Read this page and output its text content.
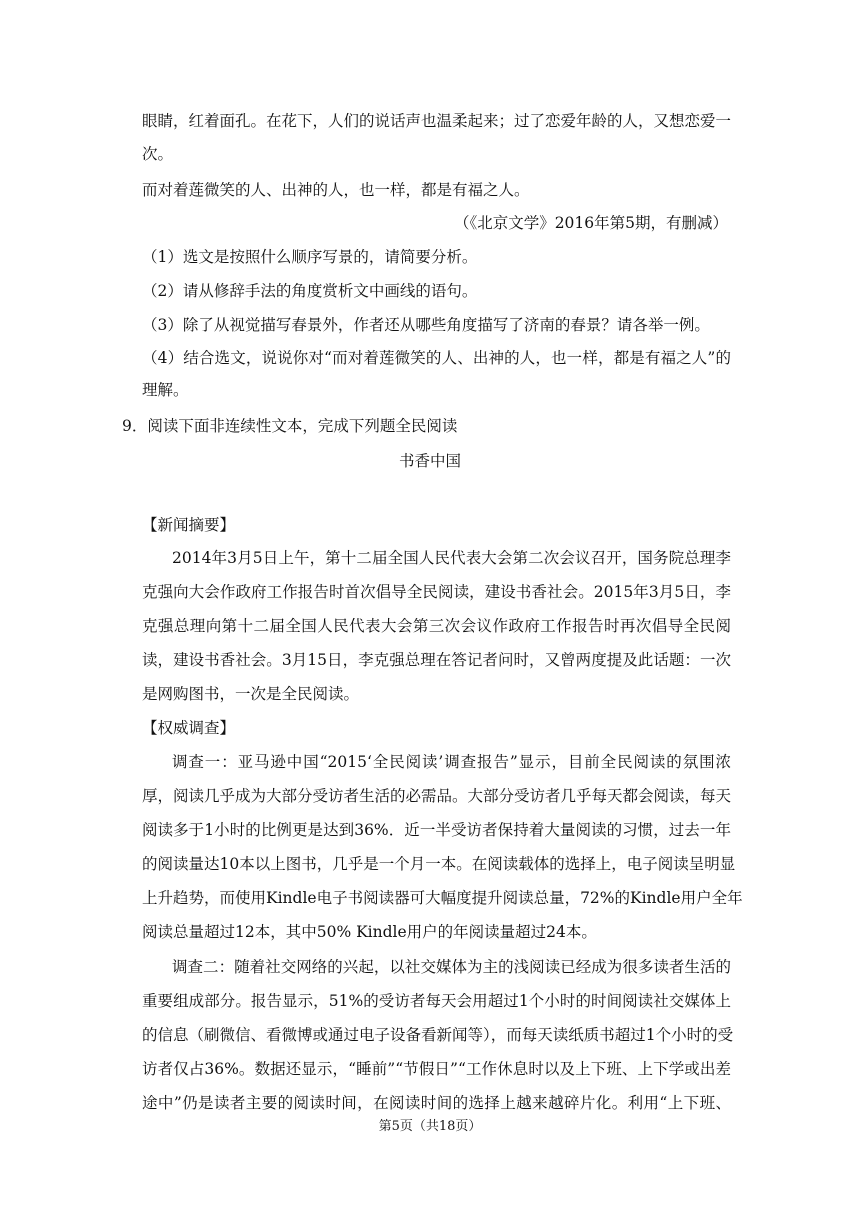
眼睛，红着面孔。在花下，人们的说话声也温柔起来；过了恋爱年龄的人，又想恋爱一
次。
而对着莲微笑的人、出神的人，也一样，都是有福之人。
（《北京文学》2016年第5期，有删减）
（1）选文是按照什么顺序写景的，请简要分析。
（2）请从修辞手法的角度赏析文中画线的语句。
（3）除了从视觉描写春景外，作者还从哪些角度描写了济南的春景？请各举一例。
（4）结合选文，说说你对“而对着莲微笑的人、出神的人，也一样，都是有福之人”的
理解。
9．阅读下面非连续性文本，完成下列题全民阅读
书香中国
【新闻摘要】
2014年3月5日上午，第十二届全国人民代表大会第二次会议召开，国务院总理李
克强向大会作政府工作报告时首次倡导全民阅读，建设书香社会。2015年3月5日，李
克强总理向第十二届全国人民代表大会第三次会议作政府工作报告时再次倡导全民阅
读，建设书香社会。3月15日，李克强总理在答记者问时，又曾两度提及此话题：一次
是网购图书，一次是全民阅读。
【权威调查】
调查一：亚马逊中国“2015‘全民阅读’调查报告”显示，目前全民阅读的氛围浓
厚，阅读几乎成为大部分受访者生活的必需品。大部分受访者几乎每天都会阅读，每天
阅读多于1小时的比例更是达到36%．近一半受访者保持着大量阅读的习惯，过去一年
的阅读量达10本以上图书，几乎是一个月一本。在阅读载体的选择上，电子阅读呈明显
上升趋势，而使用Kindle电子书阅读器可大幅度提升阅读总量，72%的Kindle用户全年
阅读总量超过12本，其中50% Kindle用户的年阅读量超过24本。
调查二：随着社交网络的兴起，以社交媒体为主的浅阅读已经成为很多读者生活的
重要组成部分。报告显示，51%的受访者每天会用超过1个小时的时间阅读社交媒体上
的信息（刷微信、看微博或通过电子设备看新闻等），而每天读纸质书超过1个小时的受
访者仅占36%。数据还显示，“睡前”“节假日”“工作休息时以及上下班、上下学或出差
途中”仍是读者主要的阅读时间，在阅读时间的选择上越来越碎片化。利用“上下班、
第5页（共18页）
